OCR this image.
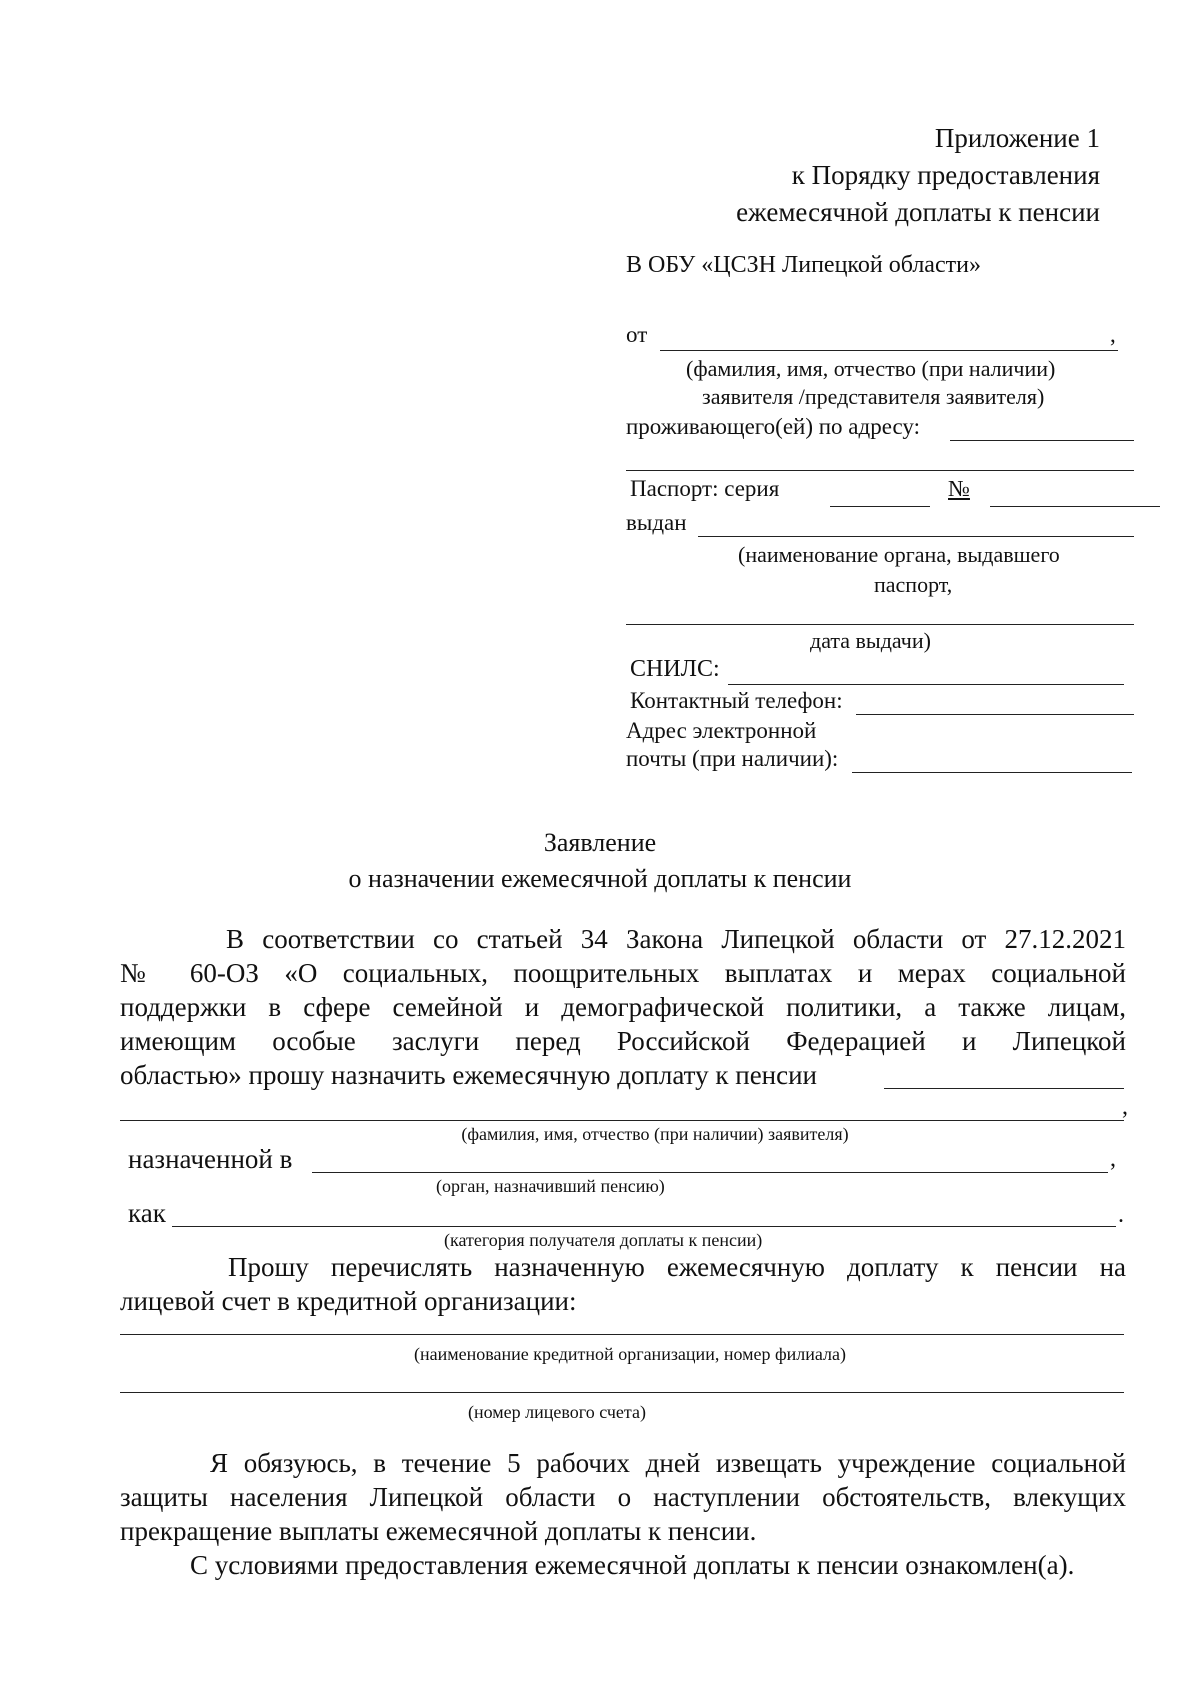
Приложение 1
к Порядку предоставления
ежемесячной доплаты к пенсии
В ОБУ «ЦСЗН Липецкой области»
от	,
(фамилия, имя, отчество (при наличии)
заявителя /представителя заявителя)
проживающего(ей) по адресу:
Паспорт: серия	№
выдан
(наименование органа, выдавшего
паспорт,
дата выдачи)
СНИЛС:
Контактный телефон:
Адрес электронной
почты (при наличии):
Заявление
о назначении ежемесячной доплаты к пенсии
В соответствии со статьей 34 Закона Липецкой области от 27.12.2021
№ 60-ОЗ «О социальных, поощрительных выплатах и мерах социальной
поддержки в сфере семейной и демографической политики, а также лицам,
имеющим особые заслуги перед Российской Федерацией и Липецкой
областью» прошу назначить ежемесячную доплату к пенсии
,
(фамилия, имя, отчество (при наличии) заявителя)
назначенной в	,
(орган, назначивший пенсию)
как	.
(категория получателя доплаты к пенсии)
Прошу перечислять назначенную ежемесячную доплату к пенсии на
лицевой счет в кредитной организации:
(наименование кредитной организации, номер филиала)
(номер лицевого счета)
Я обязуюсь, в течение 5 рабочих дней извещать учреждение социальной
защиты населения Липецкой области о наступлении обстоятельств, влекущих
прекращение выплаты ежемесячной доплаты к пенсии.
С условиями предоставления ежемесячной доплаты к пенсии ознакомлен(а).
